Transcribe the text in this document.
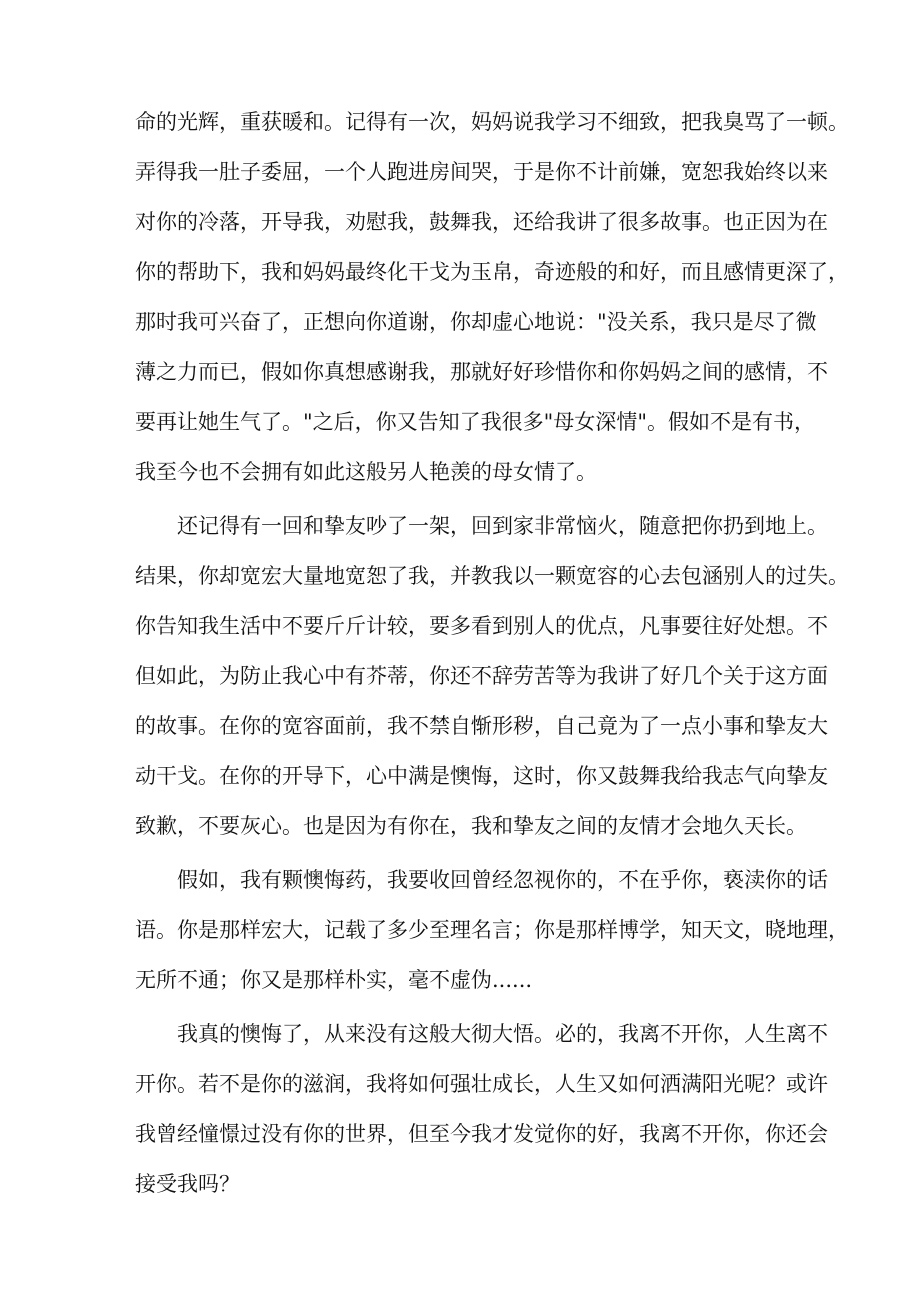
命的光辉，重获暖和。记得有一次，妈妈说我学习不细致，把我臭骂了一顿。
弄得我一肚子委屈，一个人跑进房间哭，于是你不计前嫌，宽恕我始终以来
对你的冷落，开导我，劝慰我，鼓舞我，还给我讲了很多故事。也正因为在
你的帮助下，我和妈妈最终化干戈为玉帛，奇迹般的和好，而且感情更深了，
那时我可兴奋了，正想向你道谢，你却虚心地说："没关系，我只是尽了微
薄之力而已，假如你真想感谢我，那就好好珍惜你和你妈妈之间的感情，不
要再让她生气了。"之后，你又告知了我很多"母女深情"。假如不是有书，
我至今也不会拥有如此这般另人艳羡的母女情了。
还记得有一回和挚友吵了一架，回到家非常恼火，随意把你扔到地上。
结果，你却宽宏大量地宽恕了我，并教我以一颗宽容的心去包涵别人的过失。
你告知我生活中不要斤斤计较，要多看到别人的优点，凡事要往好处想。不
但如此，为防止我心中有芥蒂，你还不辞劳苦等为我讲了好几个关于这方面
的故事。在你的宽容面前，我不禁自惭形秽，自己竟为了一点小事和挚友大
动干戈。在你的开导下，心中满是懊悔，这时，你又鼓舞我给我志气向挚友
致歉，不要灰心。也是因为有你在，我和挚友之间的友情才会地久天长。
假如，我有颗懊悔药，我要收回曾经忽视你的，不在乎你，亵渎你的话
语。你是那样宏大，记载了多少至理名言；你是那样博学，知天文，晓地理，
无所不通；你又是那样朴实，毫不虚伪......
我真的懊悔了，从来没有这般大彻大悟。必的，我离不开你，人生离不
开你。若不是你的滋润，我将如何强壮成长，人生又如何洒满阳光呢？或许
我曾经憧憬过没有你的世界，但至今我才发觉你的好，我离不开你，你还会
接受我吗？
